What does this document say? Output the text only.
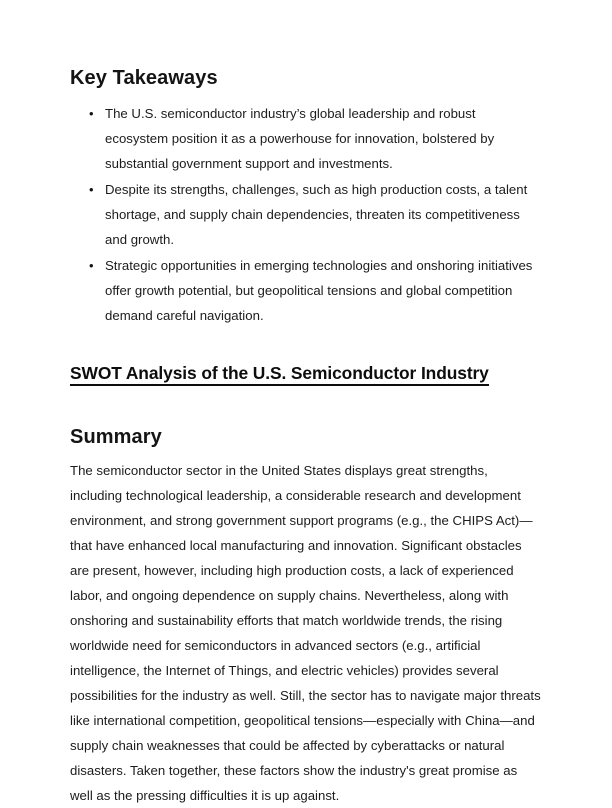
Key Takeaways
• The U.S. semiconductor industry’s global leadership and robust ecosystem position it as a powerhouse for innovation, bolstered by substantial government support and investments.
• Despite its strengths, challenges, such as high production costs, a talent shortage, and supply chain dependencies, threaten its competitiveness and growth.
• Strategic opportunities in emerging technologies and onshoring initiatives offer growth potential, but geopolitical tensions and global competition demand careful navigation.
SWOT Analysis of the U.S. Semiconductor Industry
Summary

The semiconductor sector in the United States displays great strengths, including technological leadership, a considerable research and development environment, and strong government support programs (e.g., the CHIPS Act)—that have enhanced local manufacturing and innovation. Significant obstacles are present, however, including high production costs, a lack of experienced labor, and ongoing dependence on supply chains. Nevertheless, along with onshoring and sustainability efforts that match worldwide trends, the rising worldwide need for semiconductors in advanced sectors (e.g., artificial intelligence, the Internet of Things, and electric vehicles) provides several possibilities for the industry as well. Still, the sector has to navigate major threats like international competition, geopolitical tensions—especially with China—and supply chain weaknesses that could be affected by cyberattacks or natural disasters. Taken together, these factors show the industry's great promise as well as the pressing difficulties it is up against.
